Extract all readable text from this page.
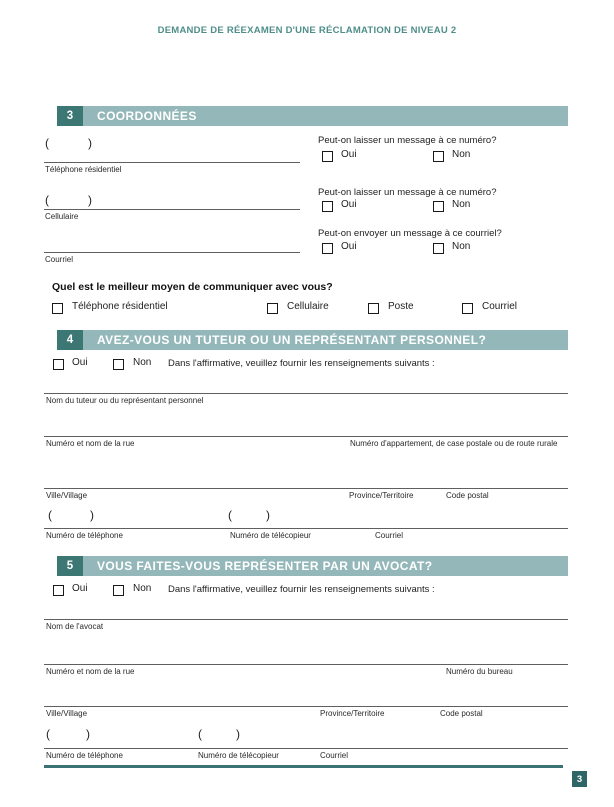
DEMANDE DE RÉEXAMEN D'UNE RÉCLAMATION DE NIVEAU 2
3	COORDONNÉES
(	)
Téléphone résidentiel
Peut-on laisser un message à ce numéro?
Oui	Non
(	)
Cellulaire
Peut-on laisser un message à ce numéro?
Oui	Non
Peut-on envoyer un message à ce courriel?
Oui	Non
Courriel
Quel est le meilleur moyen de communiquer avec vous?
Téléphone résidentiel	Cellulaire	Poste	Courriel
4	AVEZ-VOUS UN TUTEUR OU UN REPRÉSENTANT PERSONNEL?
Oui	Non Dans l'affirmative, veuillez fournir les renseignements suivants :
Nom du tuteur ou du représentant personnel
Numéro et nom de la rue	Numéro d'appartement, de case postale ou de route rurale
Ville/Village	Province/Territoire	Code postal
(	)	(	)
Numéro de téléphone	Numéro de télécopieur	Courriel
5	VOUS FAITES-VOUS REPRÉSENTER PAR UN AVOCAT?
Oui	Non Dans l'affirmative, veuillez fournir les renseignements suivants :
Nom de l'avocat
Numéro et nom de la rue	Numéro du bureau
Ville/Village	Province/Territoire	Code postal
(	)	(	)
Numéro de téléphone	Numéro de télécopieur	Courriel
3
